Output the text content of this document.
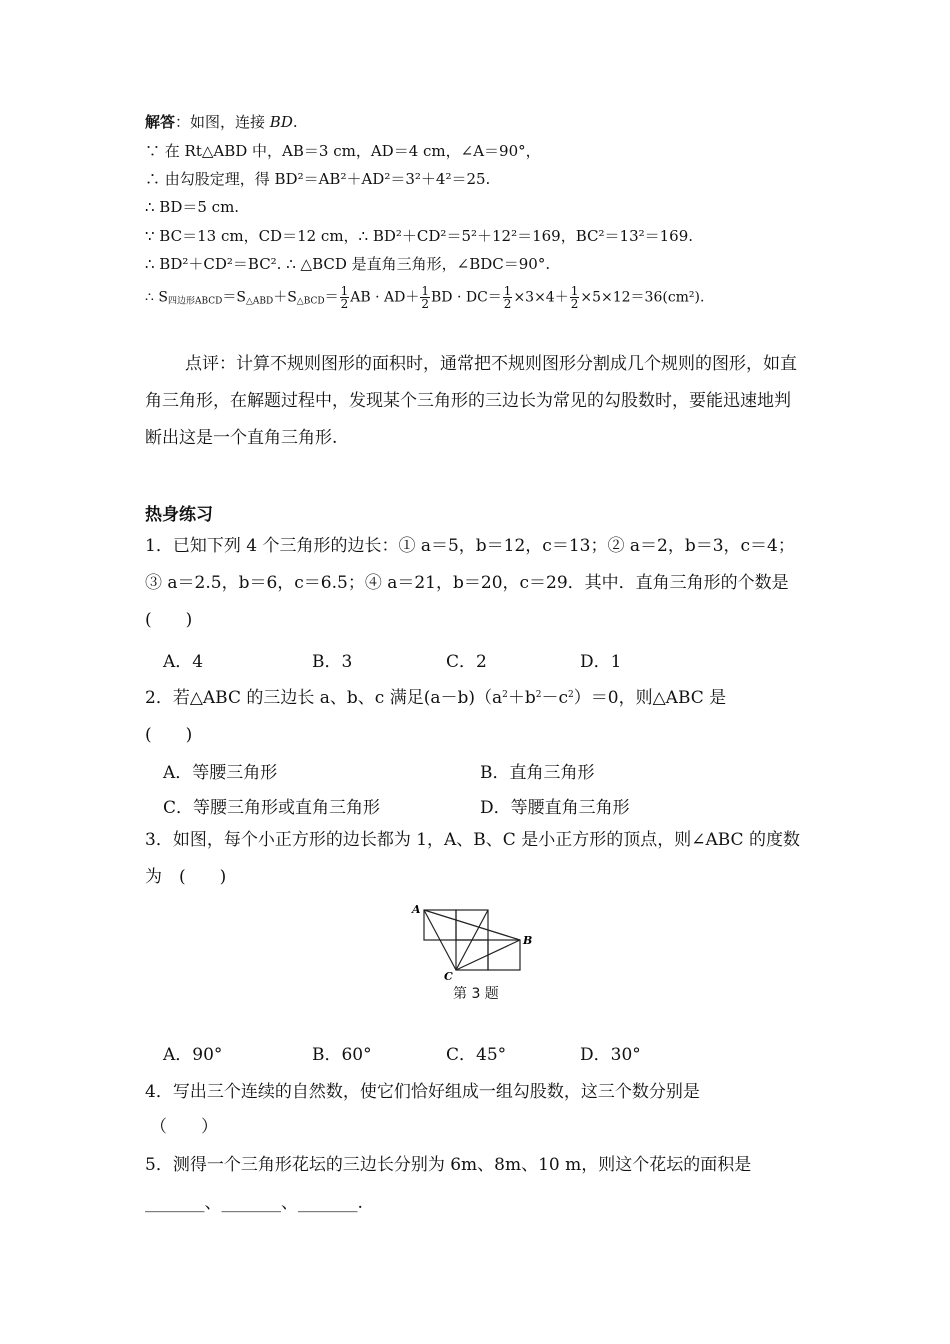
解答：如图，连接 BD.
∵ 在 Rt△ABD 中，AB＝3 cm，AD＝4 cm，∠A＝90°，
∴ 由勾股定理，得 BD²＝AB²＋AD²＝3²＋4²＝25.
∴ BD＝5 cm.
∵ BC＝13 cm，CD＝12 cm，∴ BD²＋CD²＝5²＋12²＝169，BC²＝13²＝169.
∴ BD²＋CD²＝BC². ∴ △BCD 是直角三角形，∠BDC＝90°.
∴ $S_{四边形ABCD}=S_{\triangle ABD}+S_{\triangle BCD}= \frac{1}{2}$ AB · $AD+ \frac{1}{2}$ BD · $DC= \frac{1}{2} \times 3\times 4+ \frac{1}{2} \times 5\times 12=36(cm^2)$.
点评：计算不规则图形的面积时，通常把不规则图形分割成几个规则的图形，如直角三角形，在解题过程中，发现某个三角形的三边长为常见的勾股数时，要能迅速地判断出这是一个直角三角形.
热身练习
1．已知下列 4 个三角形的边长：① a＝5，b＝12，c＝13；② a＝2，b＝3，c＝4；③ a＝2.5，b＝6，c＝6.5；④ a＝21，b＝20，c＝29．其中．直角三角形的个数是　 (　　)
A．4	B．3	C．2	D．1
2．若△ABC 的三边长 a、b、c 满足$(a-b)(a^2+b^2-c^2)=0$，则△ABC 是
(　　)
A．等腰三角形	B．直角三角形
C．等腰三角形或直角三角形	D．等腰直角三角形
3．如图，每个小正方形的边长都为 1，A、B、C 是小正方形的顶点，则∠ABC 的度数为　(　　)
A
B
C
第 3 题
A．90°	B．60°	C．45°	D．30°
4．写出三个连续的自然数，使它们恰好组成一组勾股数，这三个数分别是
（　　）
5．测得一个三角形花坛的三边长分别为 6m、8m、10 m，则这个花坛的面积是
_______、_______、_______.
